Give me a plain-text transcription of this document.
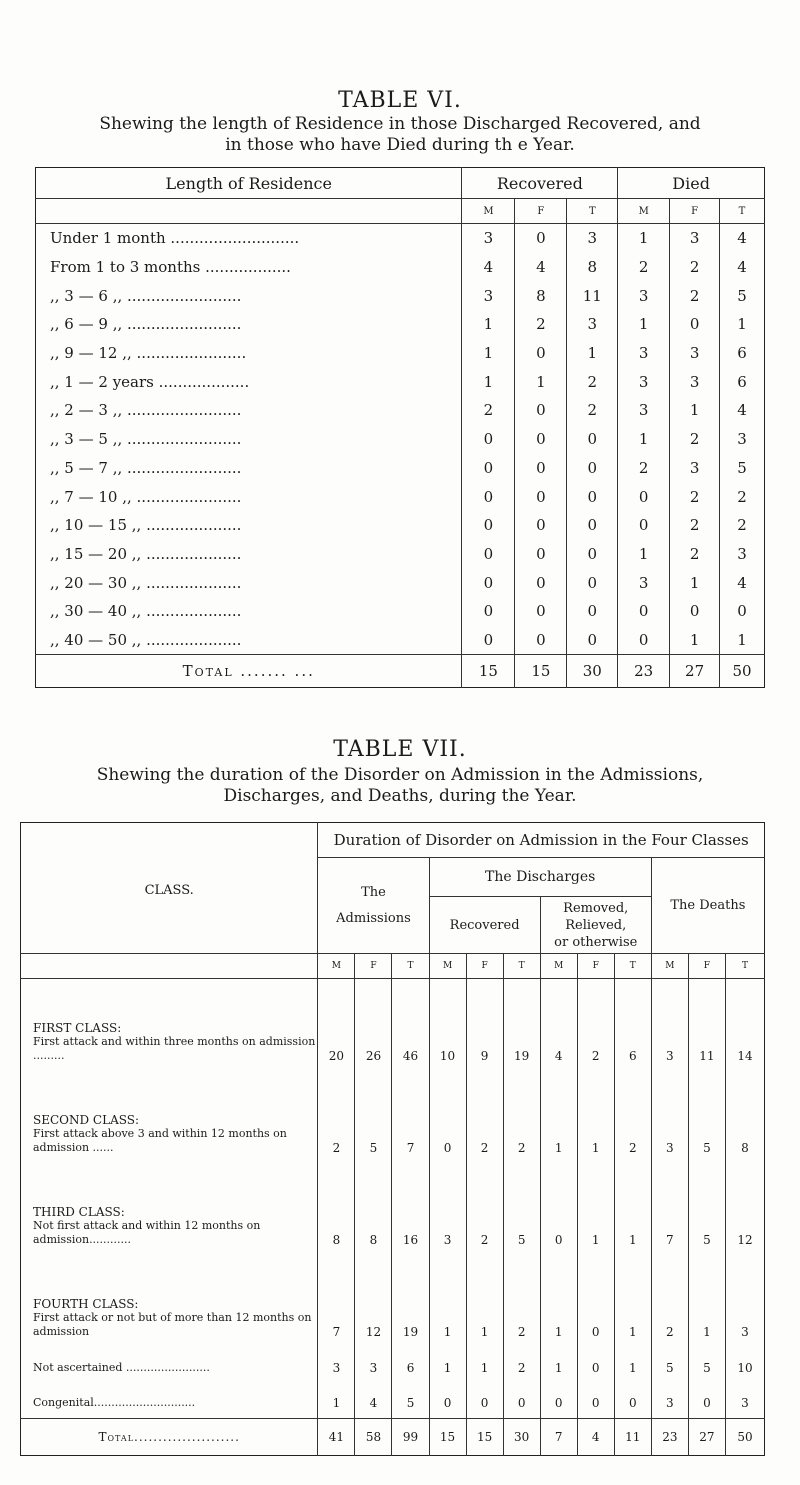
TABLE VI.
Shewing the length of Residence in those Discharged Recovered, and
in those who have Died during th e Year.
Length of Residence	Recovered			Died		
	M	F	T	M	F	T
Under 1 month ...........................	3	0	3	1	3	4
From 1 to 3 months ..................	4	4	8	2	2	4
,, 3 — 6 ,, ........................	3	8	11	3	2	5
,, 6 — 9 ,, ........................	1	2	3	1	0	1
,, 9 — 12 ,, .......................	1	0	1	3	3	6
,, 1 — 2 years ...................	1	1	2	3	3	6
,, 2 — 3 ,, ........................	2	0	2	3	1	4
,, 3 — 5 ,, ........................	0	0	0	1	2	3
,, 5 — 7 ,, ........................	0	0	0	2	3	5
,, 7 — 10 ,, ......................	0	0	0	0	2	2
,, 10 — 15 ,, ....................	0	0	0	0	2	2
,, 15 — 20 ,, ....................	0	0	0	1	2	3
,, 20 — 30 ,, ....................	0	0	0	3	1	4
,, 30 — 40 ,, ....................	0	0	0	0	0	0
,, 40 — 50 ,, ....................	0	0	0	0	1	1
Total ....... ...	15	15	30	23	27	50
TABLE VII.
Shewing the duration of the Disorder on Admission in the Admissions,
Discharges, and Deaths, during the Year.
CLASS.	Duration of Disorder on Admission in the Four Classes											
	The
Admissions			The Discharges						The Deaths		
				Recovered			Removed,
Relieved,
or otherwise					
	M	F	T	M	F	T	M	F	T	M	F	T

FIRST CLASS:
First attack and within three months on admission .........	20	26	46	10	9	19	4	2	6	3	11	14

SECOND CLASS:
First attack above 3 and within 12 months on admission ......	2	5	7	0	2	2	1	1	2	3	5	8

THIRD CLASS:
Not first attack and within 12 months on admission............	8	8	16	3	2	5	0	1	1	7	5	12

FOURTH CLASS:
First attack or not but of more than 12 months on admission	7	12	19	1	1	2	1	0	1	2	1	3

Not ascertained ........................	3	3	6	1	1	2	1	0	1	5	5	10

Congenital.............................	1	4	5	0	0	0	0	0	0	3	0	3
Total......................	41	58	99	15	15	30	7	4	11	23	27	50
